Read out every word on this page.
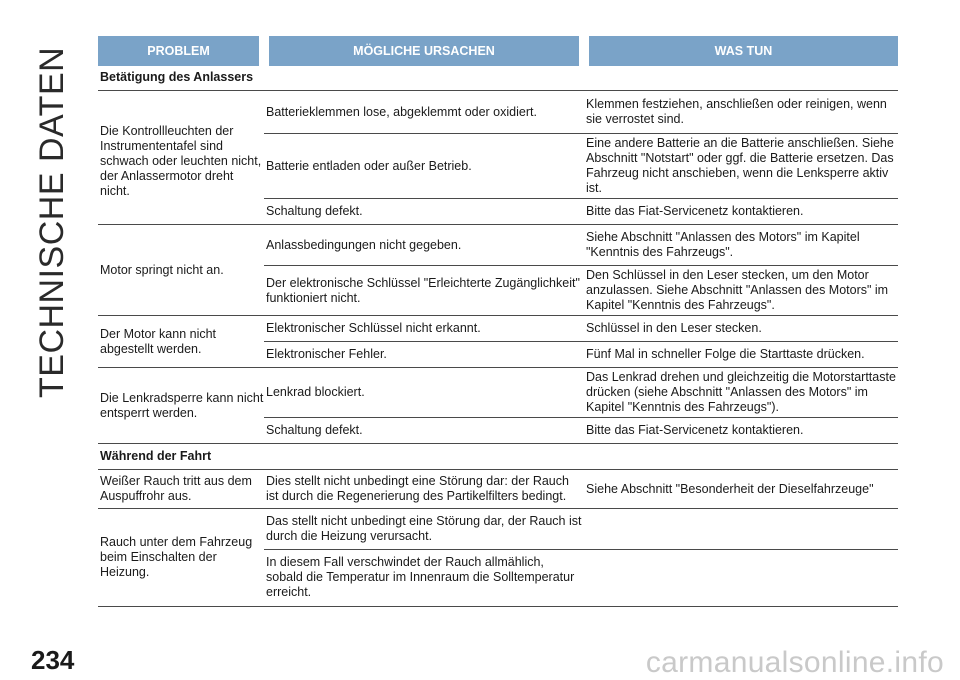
TECHNISCHE DATEN	PROBLEM	MÖGLICHE URSACHEN	WAS TUN
Betätigung des Anlassers		
Die Kontrollleuchten der Instrumententafel sind schwach oder leuchten nicht, der Anlassermotor dreht nicht.	Batterieklemmen lose, abgeklemmt oder oxidiert.	Klemmen festziehen, anschließen oder reinigen, wenn sie verrostet sind.
	Batterie entladen oder außer Betrieb.	Eine andere Batterie an die Batterie anschließen. Siehe Abschnitt "Notstart" oder ggf. die Batterie ersetzen. Das Fahrzeug nicht anschieben, wenn die Lenksperre aktiv ist.
	Schaltung defekt.	Bitte das Fiat-Servicenetz kontaktieren.
Motor springt nicht an.	Anlassbedingungen nicht gegeben.	Siehe Abschnitt "Anlassen des Motors" im Kapitel "Kenntnis des Fahrzeugs".
	Der elektronische Schlüssel "Erleichterte Zugänglichkeit" funktioniert nicht.	Den Schlüssel in den Leser stecken, um den Motor anzulassen. Siehe Abschnitt "Anlassen des Motors" im Kapitel "Kenntnis des Fahrzeugs".
Der Motor kann nicht abgestellt werden.	Elektronischer Schlüssel nicht erkannt.	Schlüssel in den Leser stecken.
	Elektronischer Fehler.	Fünf Mal in schneller Folge die Starttaste drücken.
Die Lenkradsperre kann nicht entsperrt werden.	Lenkrad blockiert.	Das Lenkrad drehen und gleichzeitig die Motorstarttaste drücken (siehe Abschnitt "Anlassen des Motors" im Kapitel "Kenntnis des Fahrzeugs").
	Schaltung defekt.	Bitte das Fiat-Servicenetz kontaktieren.
Während der Fahrt		
Weißer Rauch tritt aus dem Auspuffrohr aus.	Dies stellt nicht unbedingt eine Störung dar: der Rauch ist durch die Regenerierung des Partikelfilters bedingt.	Siehe Abschnitt "Besonderheit der Dieselfahrzeuge"
Rauch unter dem Fahrzeug beim Einschalten der Heizung.	Das stellt nicht unbedingt eine Störung dar, der Rauch ist durch die Heizung verursacht.	
	In diesem Fall verschwindet der Rauch allmählich, sobald die Temperatur im Innenraum die Solltemperatur erreicht.	
234	carmanualsonline.info
